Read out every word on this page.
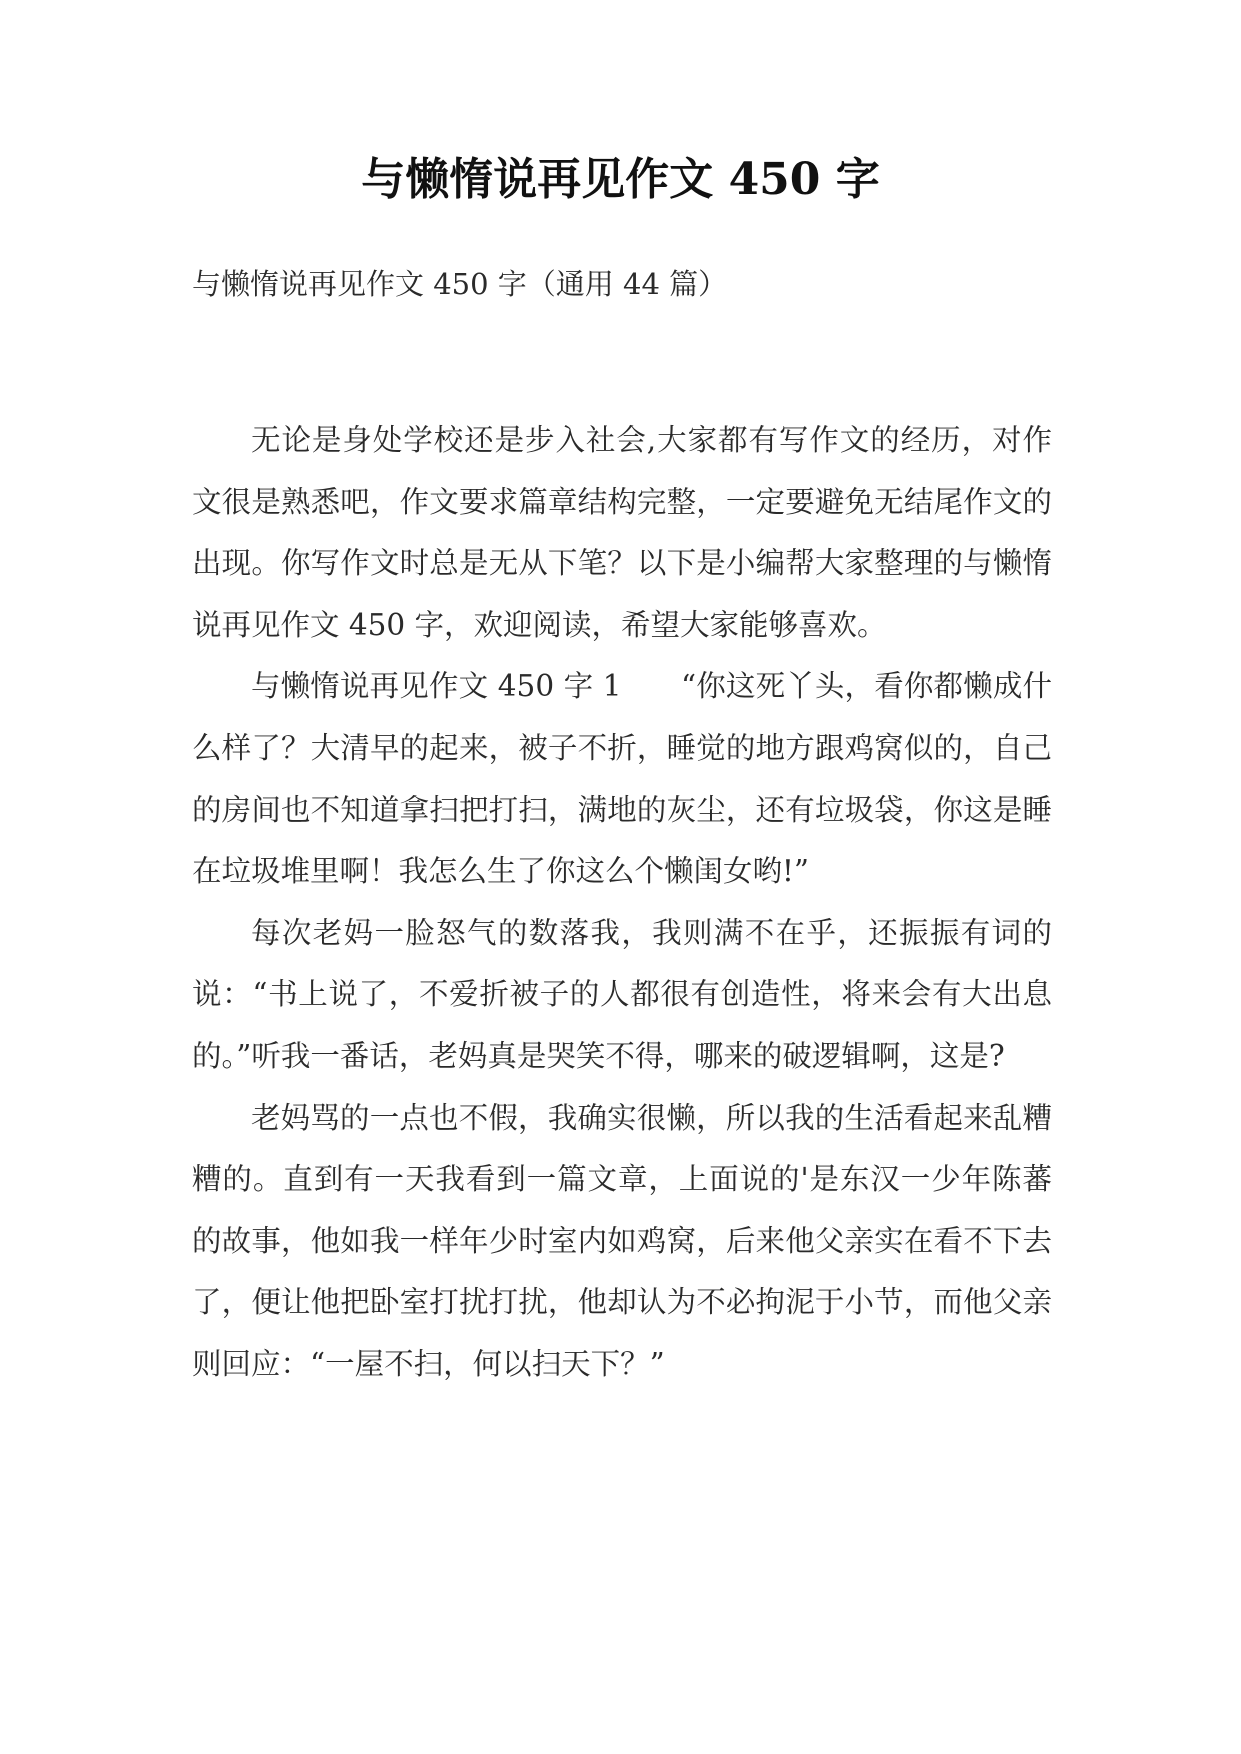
与懒惰说再见作文 450 字
与懒惰说再见作文 450 字（通用 44 篇）

无论是身处学校还是步入社会,大家都有写作文的经历，对作文很是熟悉吧，作文要求篇章结构完整，一定要避免无结尾作文的出现。你写作文时总是无从下笔？以下是小编帮大家整理的与懒惰说再见作文 450 字，欢迎阅读，希望大家能够喜欢。

与懒惰说再见作文 450 字 1　　“你这死丫头，看你都懒成什么样了？大清早的起来，被子不折，睡觉的地方跟鸡窝似的，自己的房间也不知道拿扫把打扫，满地的灰尘，还有垃圾袋，你这是睡在垃圾堆里啊！我怎么生了你这么个懒闺女哟!”

每次老妈一脸怒气的数落我，我则满不在乎，还振振有词的说：“书上说了，不爱折被子的人都很有创造性，将来会有大出息的。”听我一番话，老妈真是哭笑不得，哪来的破逻辑啊，这是?

老妈骂的一点也不假，我确实很懒，所以我的生活看起来乱糟糟的。直到有一天我看到一篇文章，上面说的'是东汉一少年陈蕃的故事，他如我一样年少时室内如鸡窝，后来他父亲实在看不下去了，便让他把卧室打扰打扰，他却认为不必拘泥于小节，而他父亲则回应：“一屋不扫，何以扫天下？”
